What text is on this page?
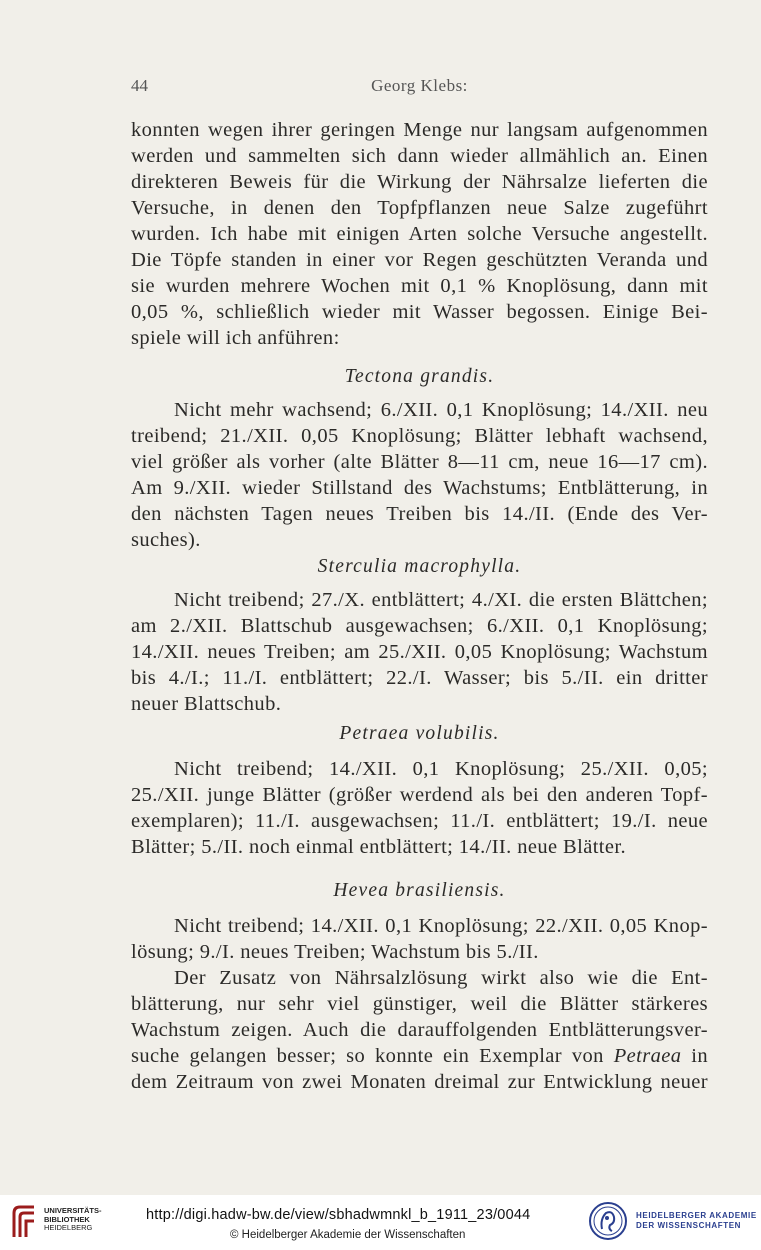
44	Georg Klebs:
konnten wegen ihrer geringen Menge nur langsam aufgenommen
werden und sammelten sich dann wieder allmählich an. Einen
direkteren Beweis für die Wirkung der Nährsalze lieferten die
Versuche, in denen den Topfpflanzen neue Salze zugeführt
wurden. Ich habe mit einigen Arten solche Versuche angestellt.
Die Töpfe standen in einer vor Regen geschützten Veranda und
sie wurden mehrere Wochen mit 0,1 % Knoplösung, dann mit
0,05 %, schließlich wieder mit Wasser begossen. Einige Bei-
spiele will ich anführen:
Tectona grandis.
Nicht mehr wachsend; 6./XII. 0,1 Knoplösung; 14./XII. neu
treibend; 21./XII. 0,05 Knoplösung; Blätter lebhaft wachsend,
viel größer als vorher (alte Blätter 8—11 cm, neue 16—17 cm).
Am 9./XII. wieder Stillstand des Wachstums; Entblätterung, in
den nächsten Tagen neues Treiben bis 14./II. (Ende des Ver-
suches).
Sterculia macrophylla.
Nicht treibend; 27./X. entblättert; 4./XI. die ersten Blättchen;
am 2./XII. Blattschub ausgewachsen; 6./XII. 0,1 Knoplösung;
14./XII. neues Treiben; am 25./XII. 0,05 Knoplösung; Wachstum
bis 4./I.; 11./I. entblättert; 22./I. Wasser; bis 5./II. ein dritter
neuer Blattschub.
Petraea volubilis.
Nicht treibend; 14./XII. 0,1 Knoplösung; 25./XII. 0,05;
25./XII. junge Blätter (größer werdend als bei den anderen Topf-
exemplaren); 11./I. ausgewachsen; 11./I. entblättert; 19./I. neue
Blätter; 5./II. noch einmal entblättert; 14./II. neue Blätter.
Hevea brasiliensis.
Nicht treibend; 14./XII. 0,1 Knoplösung; 22./XII. 0,05 Knop-
lösung; 9./I. neues Treiben; Wachstum bis 5./II.
Der Zusatz von Nährsalzlösung wirkt also wie die Ent-
blätterung, nur sehr viel günstiger, weil die Blätter stärkeres
Wachstum zeigen. Auch die darauffolgenden Entblätterungsver-
suche gelangen besser; so konnte ein Exemplar von Petraea in
dem Zeitraum von zwei Monaten dreimal zur Entwicklung neuer
UNIVERSITÄTS-
BIBLIOTHEK
HEIDELBERG
http://digi.hadw-bw.de/view/sbhadwmnkl_b_1911_23/0044
© Heidelberger Akademie der Wissenschaften
HEIDELBERGER AKADEMIE
DER WISSENSCHAFTEN
